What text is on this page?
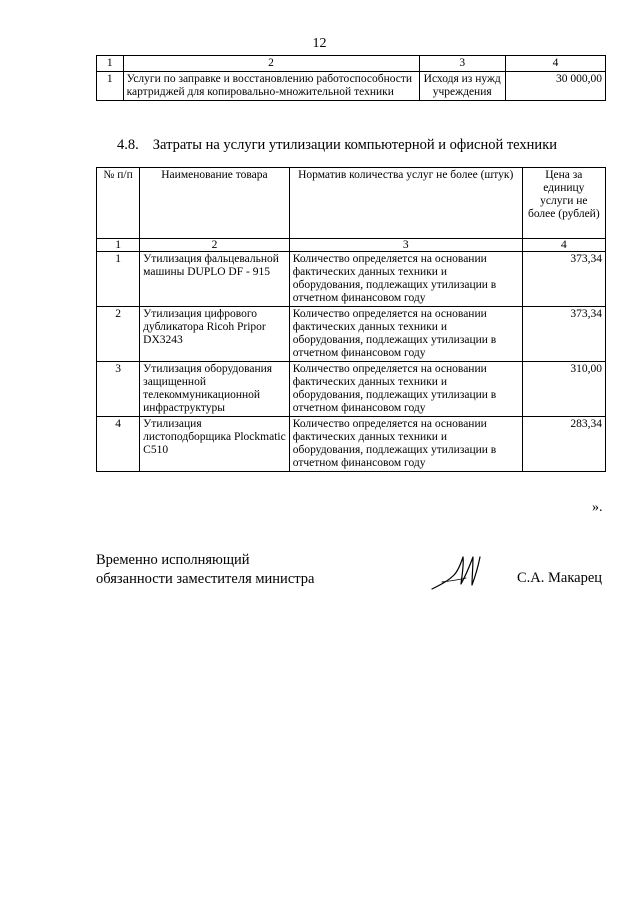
12
1	2	3	4
1	Услуги по заправке и восстановлению работоспособности картриджей для копировально-множительной техники	Исходя из нужд учреждения	30 000,00
4.8. Затраты на услуги утилизации компьютерной и офисной техники
№ п/п	Наименование товара	Норматив количества услуг не более (штук)	Цена за единицу услуги не более (рублей)
1	2	3	4
1	Утилизация фальцевальной машины DUPLO DF - 915	Количество определяется на основании фактических данных техники и оборудования, подлежащих утилизации в отчетном финансовом году	373,34
2	Утилизация цифрового дубликатора Ricoh Pripor DX3243	Количество определяется на основании фактических данных техники и оборудования, подлежащих утилизации в отчетном финансовом году	373,34
3	Утилизация оборудования защищенной телекоммуникационной инфраструктуры	Количество определяется на основании фактических данных техники и оборудования, подлежащих утилизации в отчетном финансовом году	310,00
4	Утилизация листоподборщика Plockmatic C510	Количество определяется на основании фактических данных техники и оборудования, подлежащих утилизации в отчетном финансовом году	283,34
».
Временно исполняющий
обязанности заместителя министра	С.А. Макарец
